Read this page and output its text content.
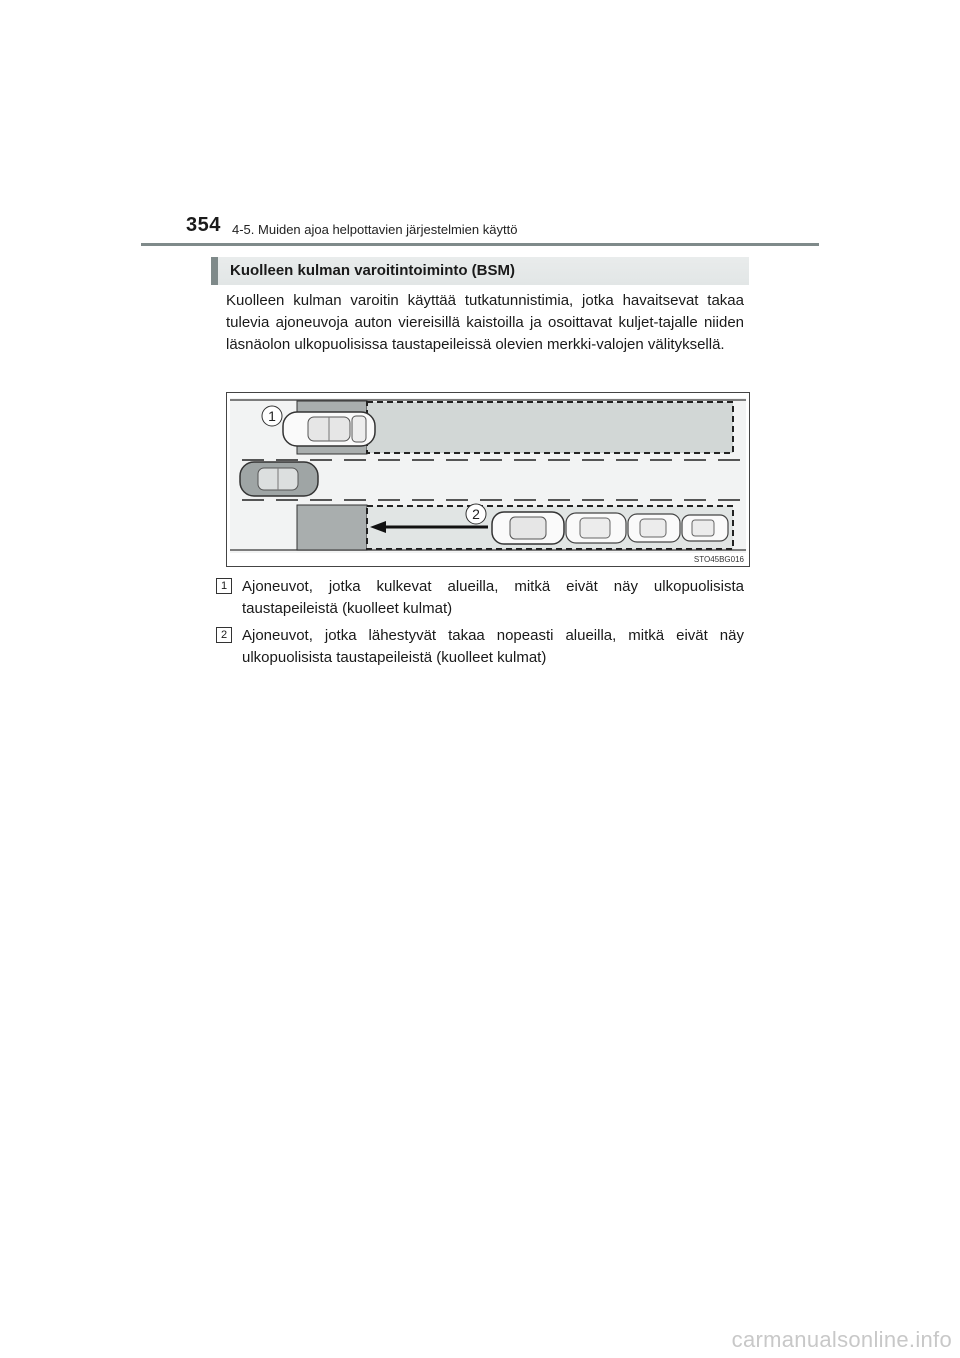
354 4-5. Muiden ajoa helpottavien järjestelmien käyttö
Kuolleen kulman varoitintoiminto (BSM)
Kuolleen kulman varoitin käyttää tutkatunnistimia, jotka havaitsevat takaa tulevia ajoneuvoja auton viereisillä kaistoilla ja osoittavat kuljet-tajalle niiden läsnäolon ulkopuolisissa taustapeileissä olevien merkki-valojen välityksellä.
1
2
STO45BG016
1 Ajoneuvot, jotka kulkevat alueilla, mitkä eivät näy ulkopuolisista taustapeileistä (kuolleet kulmat)
2 Ajoneuvot, jotka lähestyvät takaa nopeasti alueilla, mitkä eivät näy ulkopuolisista taustapeileistä (kuolleet kulmat)
carmanualsonline.info
